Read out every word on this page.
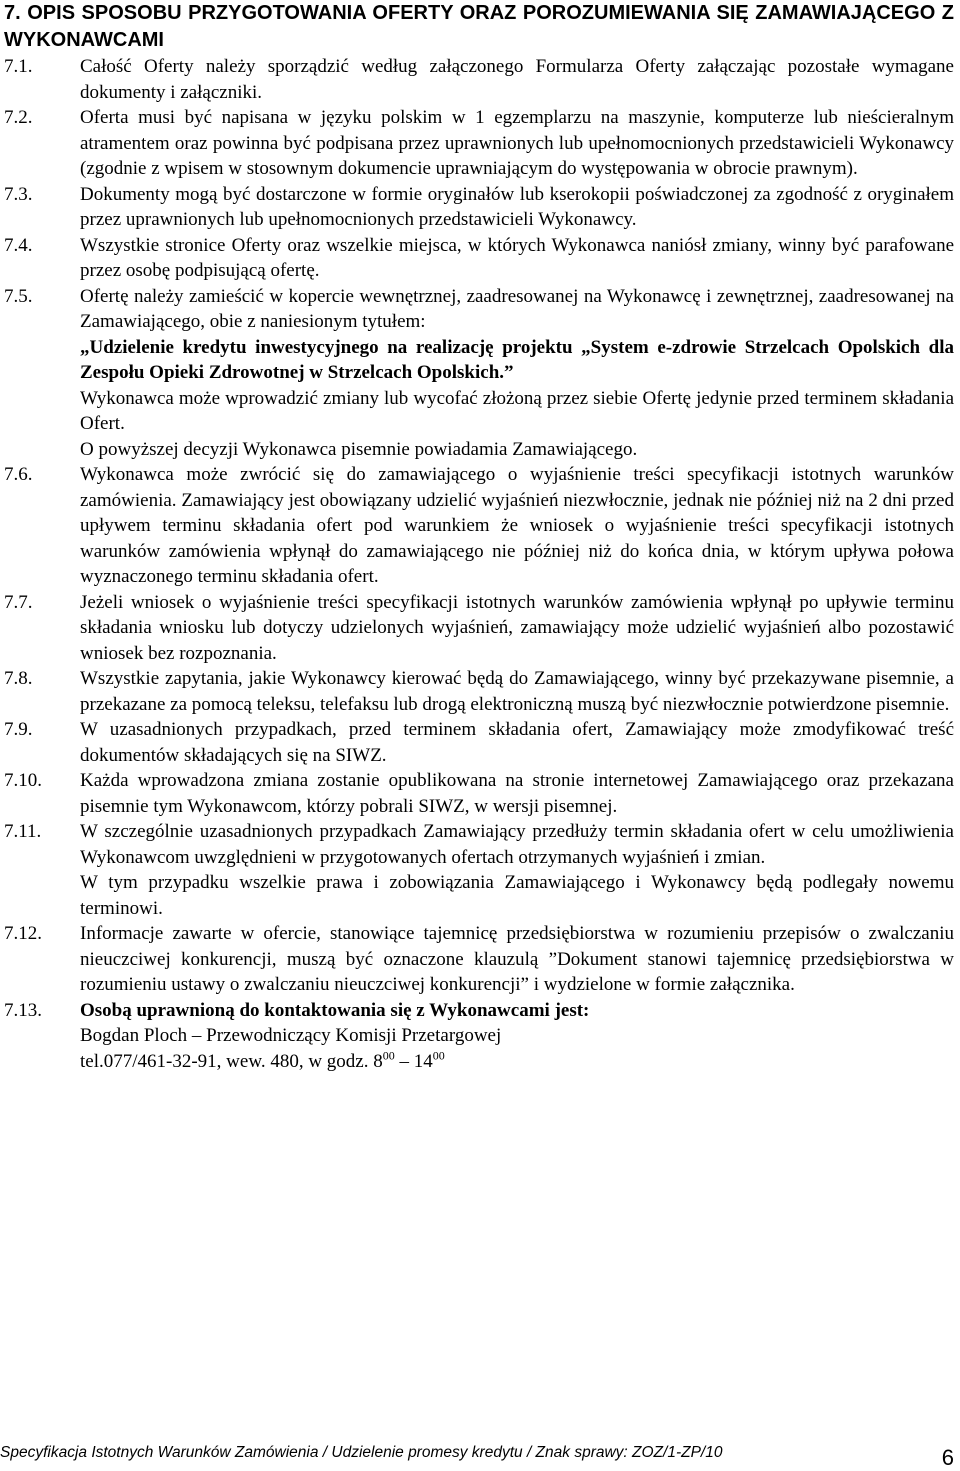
7. OPIS SPOSOBU PRZYGOTOWANIA OFERTY ORAZ POROZUMIEWANIA SIĘ ZAMAWIAJĄCEGO Z WYKONAWCAMI
7.1.	Całość Oferty należy sporządzić według załączonego Formularza Oferty załączając pozostałe wymagane dokumenty i załączniki.

7.2.	Oferta musi być napisana w języku polskim w 1 egzemplarzu na maszynie, komputerze lub nieścieralnym atramentem oraz powinna być podpisana przez uprawnionych lub upełnomocnionych przedstawicieli Wykonawcy (zgodnie z wpisem w stosownym dokumencie uprawniającym do występowania w obrocie prawnym).

7.3.	Dokumenty mogą być dostarczone w formie oryginałów lub kserokopii poświadczonej za zgodność z oryginałem przez uprawnionych lub upełnomocnionych przedstawicieli Wykonawcy.

7.4.	Wszystkie stronice Oferty oraz wszelkie miejsca, w których Wykonawca naniósł zmiany, winny być parafowane przez osobę podpisującą ofertę.

7.5.	Ofertę należy zamieścić w kopercie wewnętrznej, zaadresowanej na Wykonawcę i zewnętrznej, zaadresowanej na Zamawiającego, obie z naniesionym tytułem:

„Udzielenie kredytu inwestycyjnego na realizację projektu „System e-zdrowie Strzelcach Opolskich dla Zespołu Opieki Zdrowotnej w Strzelcach Opolskich.”

Wykonawca może wprowadzić zmiany lub wycofać złożoną przez siebie Ofertę jedynie przed terminem składania Ofert.

O powyższej decyzji Wykonawca pisemnie powiadamia Zamawiającego.

7.6.	Wykonawca może zwrócić się do zamawiającego o wyjaśnienie treści specyfikacji istotnych warunków zamówienia. Zamawiający jest obowiązany udzielić wyjaśnień niezwłocznie, jednak nie później niż na 2 dni przed upływem terminu składania ofert pod warunkiem że wniosek o wyjaśnienie treści specyfikacji istotnych warunków zamówienia wpłynął do zamawiającego nie później niż do końca dnia, w którym upływa połowa wyznaczonego terminu składania ofert.

7.7.	Jeżeli wniosek o wyjaśnienie treści specyfikacji istotnych warunków zamówienia wpłynął po upływie terminu składania wniosku lub dotyczy udzielonych wyjaśnień, zamawiający może udzielić wyjaśnień albo pozostawić wniosek bez rozpoznania.

7.8.	Wszystkie zapytania, jakie Wykonawcy kierować będą do Zamawiającego, winny być przekazywane pisemnie, a przekazane za pomocą teleksu, telefaksu lub drogą elektroniczną muszą być niezwłocznie potwierdzone pisemnie.

7.9.	W uzasadnionych przypadkach, przed terminem składania ofert, Zamawiający może zmodyfikować treść dokumentów składających się na SIWZ.

7.10.	Każda wprowadzona zmiana zostanie opublikowana na stronie internetowej Zamawiającego oraz przekazana pisemnie tym Wykonawcom, którzy pobrali SIWZ, w wersji pisemnej.

7.11.	W szczególnie uzasadnionych przypadkach Zamawiający przedłuży termin składania ofert w celu umożliwienia Wykonawcom uwzględnieni w przygotowanych ofertach otrzymanych wyjaśnień i zmian.

W tym przypadku wszelkie prawa i zobowiązania Zamawiającego i Wykonawcy będą podlegały nowemu terminowi.

7.12.	Informacje zawarte w ofercie, stanowiące tajemnicę przedsiębiorstwa w rozumieniu przepisów o zwalczaniu nieuczciwej konkurencji, muszą być oznaczone klauzulą ”Dokument stanowi tajemnicę przedsiębiorstwa w rozumieniu ustawy o zwalczaniu nieuczciwej konkurencji” i wydzielone w formie załącznika.

7.13.	Osobą uprawnioną do kontaktowania się z Wykonawcami jest:

Bogdan Ploch – Przewodniczący Komisji Przetargowej

tel.077/461-32-91, wew. 480, w godz. $8^{00} - 14^{00}$

Specyfikacja Istotnych Warunków Zamówienia / Udzielenie promesy kredytu / Znak sprawy: ZOZ/1-ZP/10	6
